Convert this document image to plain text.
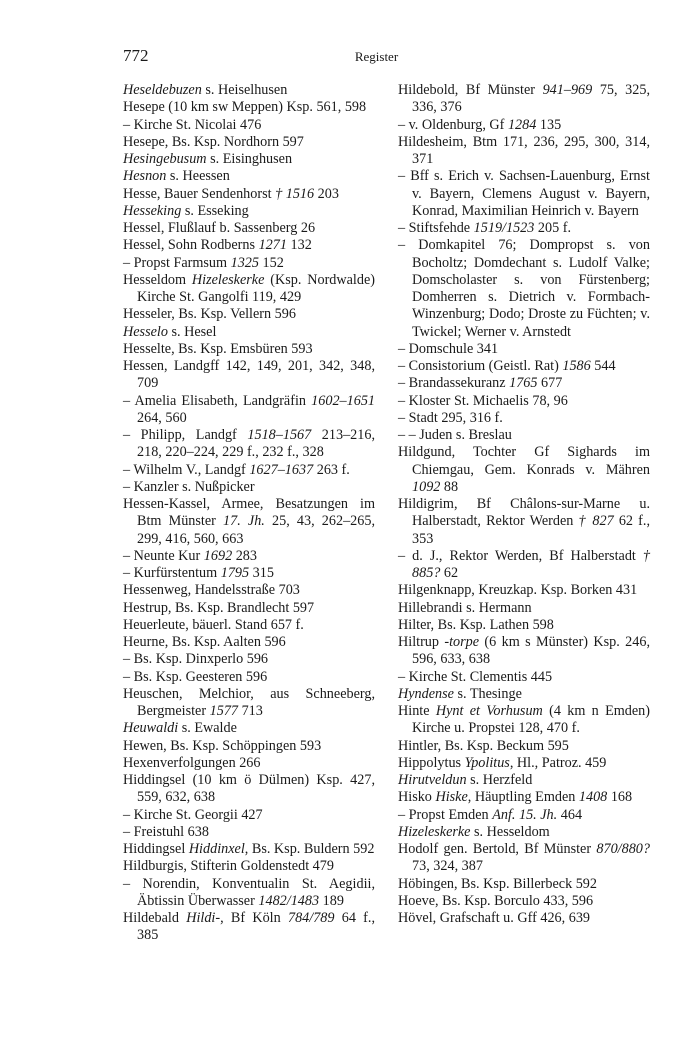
772	Register
Heseldebuzen s. Heiselhusen
Hesepe (10 km sw Meppen) Ksp. 561, 598
– Kirche St. Nicolai 476
Hesepe, Bs. Ksp. Nordhorn 597
Hesingebusum s. Eisinghusen
Hesnon s. Heessen
Hesse, Bauer Sendenhorst † 1516 203
Hesseking s. Esseking
Hessel, Flußlauf b. Sassenberg 26
Hessel, Sohn Rodberns 1271 132
– Propst Farmsum 1325 152
Hesseldom Hizeleskerke (Ksp. Nordwalde) Kirche St. Gangolfi 119, 429
Hesseler, Bs. Ksp. Vellern 596
Hesselo s. Hesel
Hesselte, Bs. Ksp. Emsbüren 593
Hessen, Landgff 142, 149, 201, 342, 348, 709
– Amelia Elisabeth, Landgräfin 1602–1651 264, 560
– Philipp, Landgf 1518–1567 213–216, 218, 220–224, 229 f., 232 f., 328
– Wilhelm V., Landgf 1627–1637 263 f.
– Kanzler s. Nußpicker
Hessen-Kassel, Armee, Besatzungen im Btm Münster 17. Jh. 25, 43, 262–265, 299, 416, 560, 663
– Neunte Kur 1692 283
– Kurfürstentum 1795 315
Hessenweg, Handelsstraße 703
Hestrup, Bs. Ksp. Brandlecht 597
Heuerleute, bäuerl. Stand 657 f.
Heurne, Bs. Ksp. Aalten 596
– Bs. Ksp. Dinxperlo 596
– Bs. Ksp. Geesteren 596
Heuschen, Melchior, aus Schneeberg, Bergmeister 1577 713
Heuwaldi s. Ewalde
Hewen, Bs. Ksp. Schöppingen 593
Hexenverfolgungen 266
Hiddingsel (10 km ö Dülmen) Ksp. 427, 559, 632, 638
– Kirche St. Georgii 427
– Freistuhl 638
Hiddingsel Hiddinxel, Bs. Ksp. Buldern 592
Hildburgis, Stifterin Goldenstedt 479
– Norendin, Konventualin St. Aegidii, Äbtissin Überwasser 1482/1483 189
Hildebald Hildi-, Bf Köln 784/789 64 f., 385
Hildebold, Bf Münster 941–969 75, 325, 336, 376
– v. Oldenburg, Gf 1284 135
Hildesheim, Btm 171, 236, 295, 300, 314, 371
– Bff s. Erich v. Sachsen-Lauenburg, Ernst v. Bayern, Clemens August v. Bayern, Konrad, Maximilian Heinrich v. Bayern
– Stiftsfehde 1519/1523 205 f.
– Domkapitel 76; Dompropst s. von Bocholtz; Domdechant s. Ludolf Valke; Domscholaster s. von Fürstenberg; Domherren s. Dietrich v. Formbach-Winzenburg; Dodo; Droste zu Füchten; v. Twickel; Werner v. Arnstedt
– Domschule 341
– Consistorium (Geistl. Rat) 1586 544
– Brandassekuranz 1765 677
– Kloster St. Michaelis 78, 96
– Stadt 295, 316 f.
– – Juden s. Breslau
Hildgund, Tochter Gf Sighards im Chiemgau, Gem. Konrads v. Mähren 1092 88
Hildigrim, Bf Châlons-sur-Marne u. Halberstadt, Rektor Werden † 827 62 f., 353
– d. J., Rektor Werden, Bf Halberstadt † 885? 62
Hilgenknapp, Kreuzkap. Ksp. Borken 431
Hillebrandi s. Hermann
Hilter, Bs. Ksp. Lathen 598
Hiltrup -torpe (6 km s Münster) Ksp. 246, 596, 633, 638
– Kirche St. Clementis 445
Hyndense s. Thesinge
Hinte Hynt et Vorhusum (4 km n Emden) Kirche u. Propstei 128, 470 f.
Hintler, Bs. Ksp. Beckum 595
Hippolytus Ypolitus, Hl., Patroz. 459
Hirutveldun s. Herzfeld
Hisko Hiske, Häuptling Emden 1408 168
– Propst Emden Anf. 15. Jh. 464
Hizeleskerke s. Hesseldom
Hodolf gen. Bertold, Bf Münster 870/880? 73, 324, 387
Höbingen, Bs. Ksp. Billerbeck 592
Hoeve, Bs. Ksp. Borculo 433, 596
Hövel, Grafschaft u. Gff 426, 639
